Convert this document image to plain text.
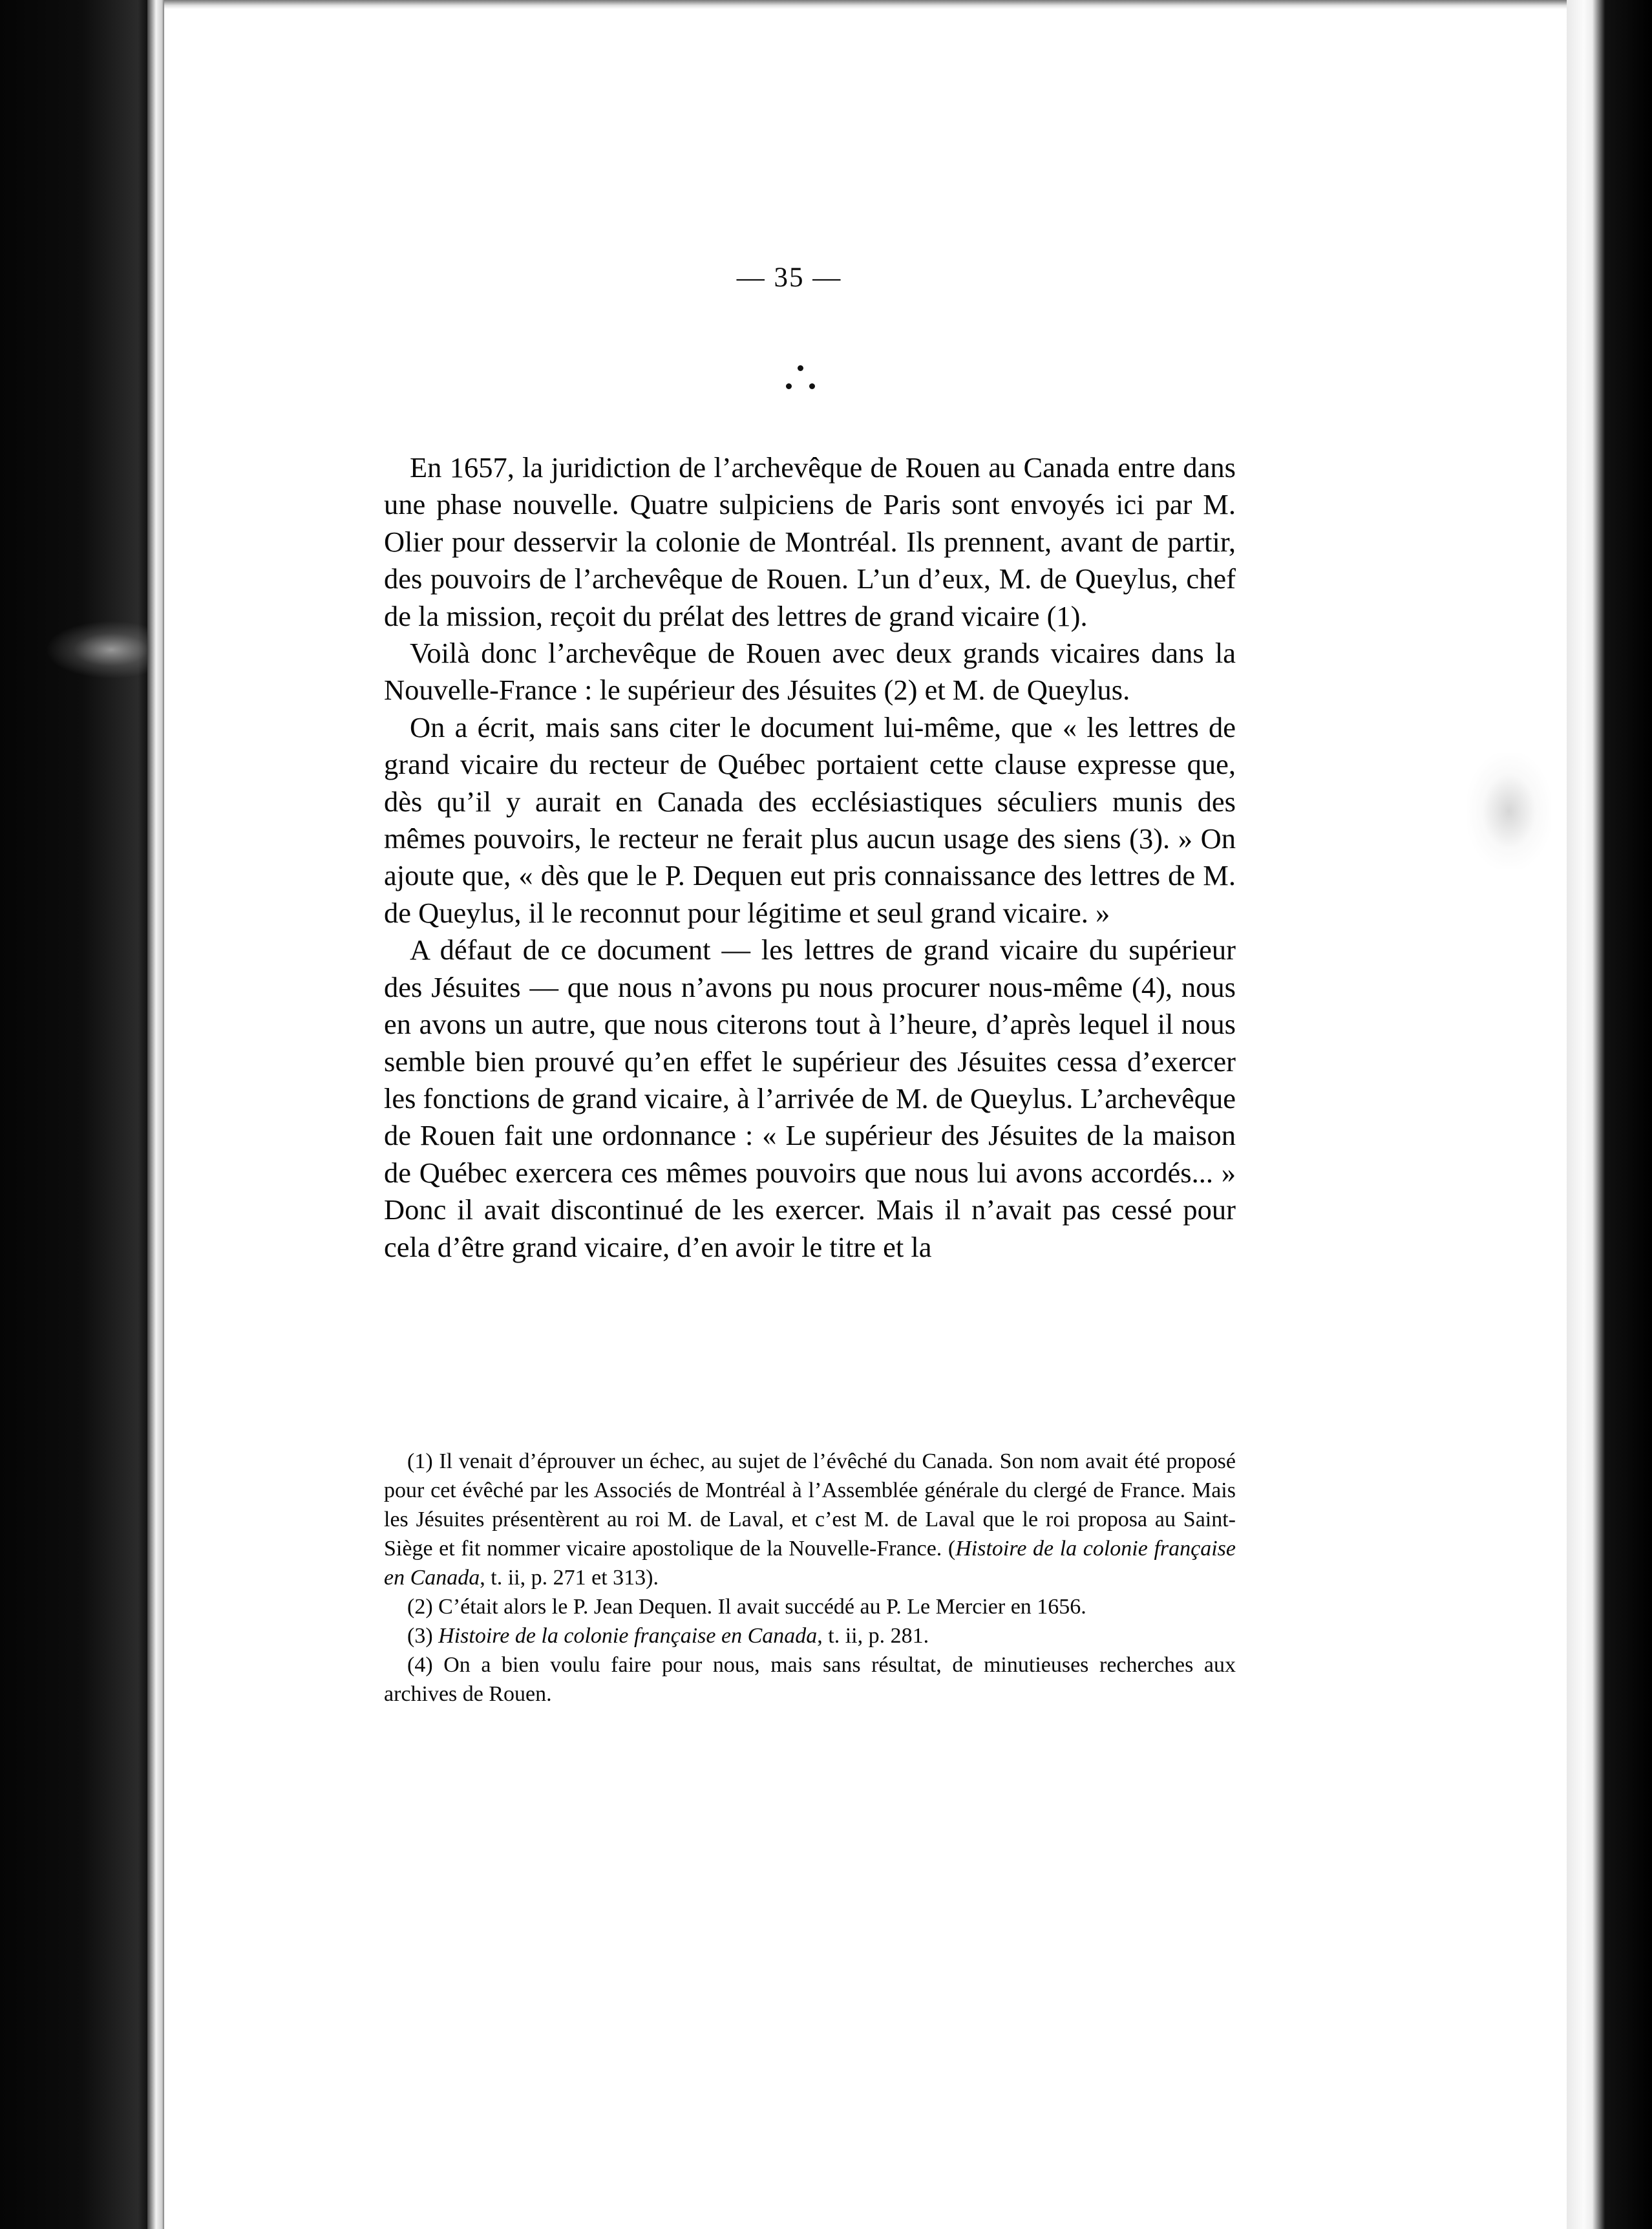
— 35 —

En 1657, la juridiction de l’archevêque de Rouen au Canada entre dans une phase nouvelle. Quatre sulpiciens de Paris sont envoyés ici par M. Olier pour desservir la colonie de Montréal. Ils prennent, avant de partir, des pouvoirs de l’archevêque de Rouen. L’un d’eux, M. de Queylus, chef de la mission, reçoit du prélat des lettres de grand vicaire (1).

Voilà donc l’archevêque de Rouen avec deux grands vicaires dans la Nouvelle-France : le supérieur des Jésuites (2) et M. de Queylus.

On a écrit, mais sans citer le document lui-même, que « les lettres de grand vicaire du recteur de Québec portaient cette clause expresse que, dès qu’il y aurait en Canada des ecclésiastiques séculiers munis des mêmes pouvoirs, le recteur ne ferait plus aucun usage des siens (3). » On ajoute que, « dès que le P. Dequen eut pris connaissance des lettres de M. de Queylus, il le reconnut pour légitime et seul grand vicaire. »

A défaut de ce document — les lettres de grand vicaire du supérieur des Jésuites — que nous n’avons pu nous procurer nous-même (4), nous en avons un autre, que nous citerons tout à l’heure, d’après lequel il nous semble bien prouvé qu’en effet le supérieur des Jésuites cessa d’exercer les fonctions de grand vicaire, à l’arrivée de M. de Queylus. L’archevêque de Rouen fait une ordonnance : « Le supérieur des Jésuites de la maison de Québec exercera ces mêmes pouvoirs que nous lui avons accordés... » Donc il avait discontinué de les exercer. Mais il n’avait pas cessé pour cela d’être grand vicaire, d’en avoir le titre et la

(1) Il venait d’éprouver un échec, au sujet de l’évêché du Canada. Son nom avait été proposé pour cet évêché par les Associés de Montréal à l’Assemblée générale du clergé de France. Mais les Jésuites présentèrent au roi M. de Laval, et c’est M. de Laval que le roi proposa au Saint-Siège et fit nommer vicaire apostolique de la Nouvelle-France. (Histoire de la colonie française en Canada, t. ii, p. 271 et 313).

(2) C’était alors le P. Jean Dequen. Il avait succédé au P. Le Mercier en 1656.

(3) Histoire de la colonie française en Canada, t. ii, p. 281.

(4) On a bien voulu faire pour nous, mais sans résultat, de minutieuses recherches aux archives de Rouen.
